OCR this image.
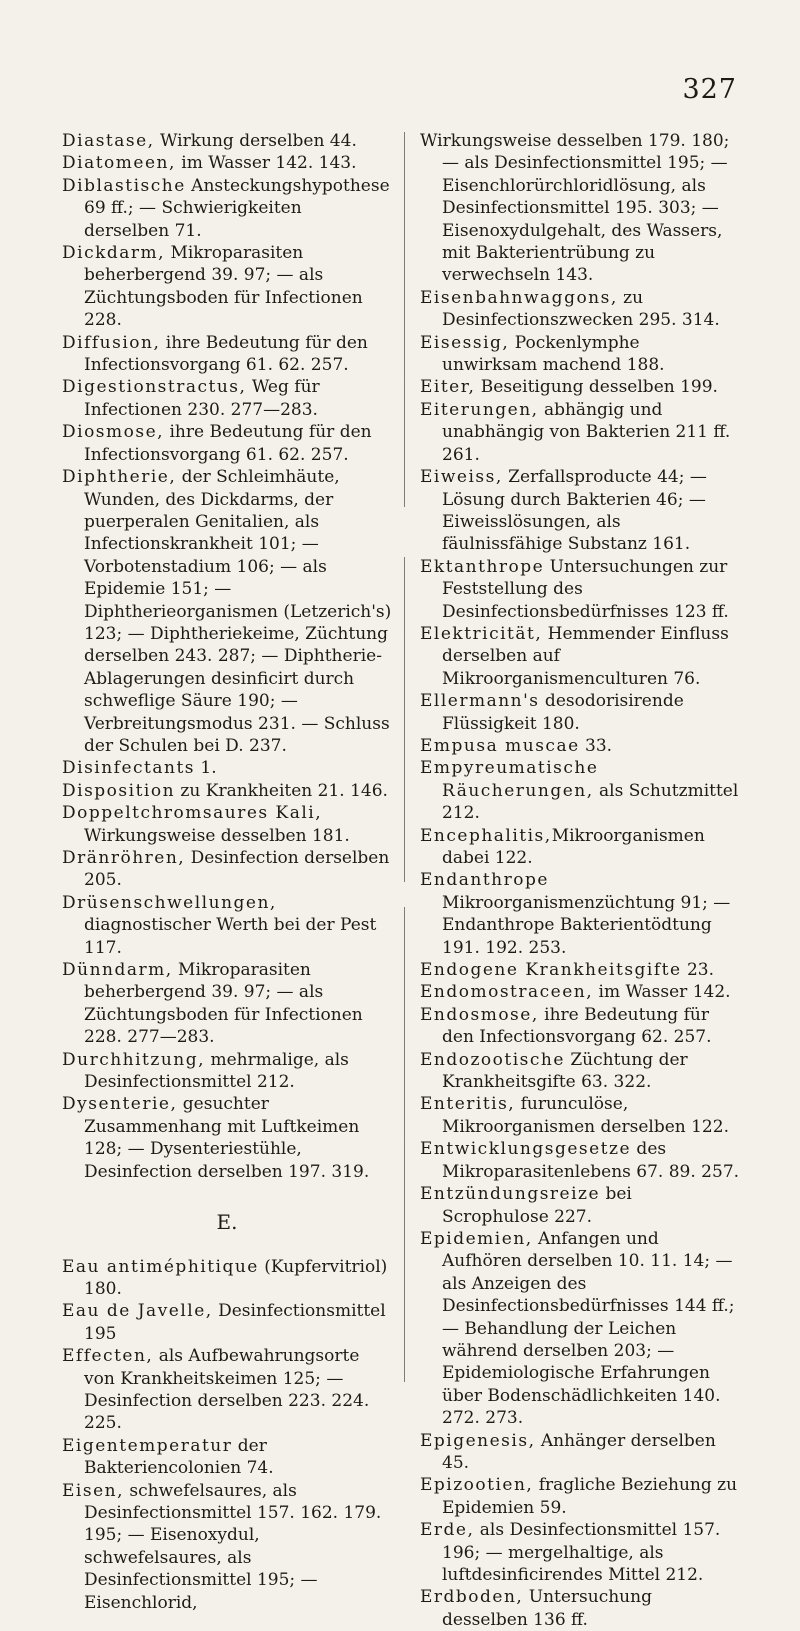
327

Diastase, Wirkung derselben 44.

Diatomeen, im Wasser 142. 143.

Diblastische Ansteckungshypothese 69 ff.; — Schwierigkeiten derselben 71.

Dickdarm, Mikroparasiten beherbergend 39. 97; — als Züchtungsboden für Infectionen 228.

Diffusion, ihre Bedeutung für den Infectionsvorgang 61. 62. 257.

Digestionstractus, Weg für Infectionen 230. 277—283.

Diosmose, ihre Bedeutung für den Infectionsvorgang 61. 62. 257.

Diphtherie, der Schleimhäute, Wunden, des Dickdarms, der puerperalen Genitalien, als Infectionskrankheit 101; — Vorbotenstadium 106; — als Epidemie 151; — Diphtherieorganismen (Letzerich's) 123; — Diphtheriekeime, Züchtung derselben 243. 287; — Diphtherie-Ablagerungen desinficirt durch schweflige Säure 190; — Verbreitungsmodus 231. — Schluss der Schulen bei D. 237.

Disinfectants 1.

Disposition zu Krankheiten 21. 146.

Doppeltchromsaures Kali, Wirkungsweise desselben 181.

Dränröhren, Desinfection derselben 205.

Drüsenschwellungen, diagnostischer Werth bei der Pest 117.

Dünndarm, Mikroparasiten beherbergend 39. 97; — als Züchtungsboden für Infectionen 228. 277—283.

Durchhitzung, mehrmalige, als Desinfectionsmittel 212.

Dysenterie, gesuchter Zusammenhang mit Luftkeimen 128; — Dysenteriestühle, Desinfection derselben 197. 319.

E.

Eau antiméphitique (Kupfervitriol) 180.

Eau de Javelle, Desinfectionsmittel 195

Effecten, als Aufbewahrungsorte von Krankheitskeimen 125; — Desinfection derselben 223. 224. 225.

Eigentemperatur der Bakteriencolonien 74.

Eisen, schwefelsaures, als Desinfectionsmittel 157. 162. 179. 195; — Eisenoxydul, schwefelsaures, als Desinfectionsmittel 195; —Eisenchlorid,

Wirkungsweise desselben 179. 180; — als Desinfectionsmittel 195; — Eisenchlorürchloridlösung, als Desinfectionsmittel 195. 303; — Eisenoxydulgehalt, des Wassers, mit Bakterientrübung zu verwechseln 143.

Eisenbahnwaggons, zu Desinfectionszwecken 295. 314.

Eisessig, Pockenlymphe unwirksam machend 188.

Eiter, Beseitigung desselben 199.

Eiterungen, abhängig und unabhängig von Bakterien 211 ff. 261.

Eiweiss, Zerfallsproducte 44; — Lösung durch Bakterien 46; — Eiweisslösungen, als fäulnissfähige Substanz 161.

Ektanthrope Untersuchungen zur Feststellung des Desinfectionsbedürfnisses 123 ff.

Elektricität, Hemmender Einfluss derselben auf Mikroorganismenculturen 76.

Ellermann's desodorisirende Flüssigkeit 180.

Empusa muscae 33.

Empyreumatische Räucherungen, als Schutzmittel 212.

Encephalitis,Mikroorganismen dabei 122.

Endanthrope Mikroorganismenzüchtung 91; — Endanthrope Bakterientödtung 191. 192. 253.

Endogene Krankheitsgifte 23.

Endomostraceen, im Wasser 142.

Endosmose, ihre Bedeutung für den Infectionsvorgang 62. 257.

Endozootische Züchtung der Krankheitsgifte 63. 322.

Enteritis, furunculöse, Mikroorganismen derselben 122.

Entwicklungsgesetze des Mikroparasitenlebens 67. 89. 257.

Entzündungsreize bei Scrophulose 227.

Epidemien, Anfangen und Aufhören derselben 10. 11. 14; — als Anzeigen des Desinfectionsbedürfnisses 144 ff.; — Behandlung der Leichen während derselben 203; — Epidemiologische Erfahrungen über Bodenschädlichkeiten 140. 272. 273.

Epigenesis, Anhänger derselben 45.

Epizootien, fragliche Beziehung zu Epidemien 59.

Erde, als Desinfectionsmittel 157. 196; — mergelhaltige, als luftdesinficirendes Mittel 212.

Erdboden, Untersuchung desselben 136 ff.
